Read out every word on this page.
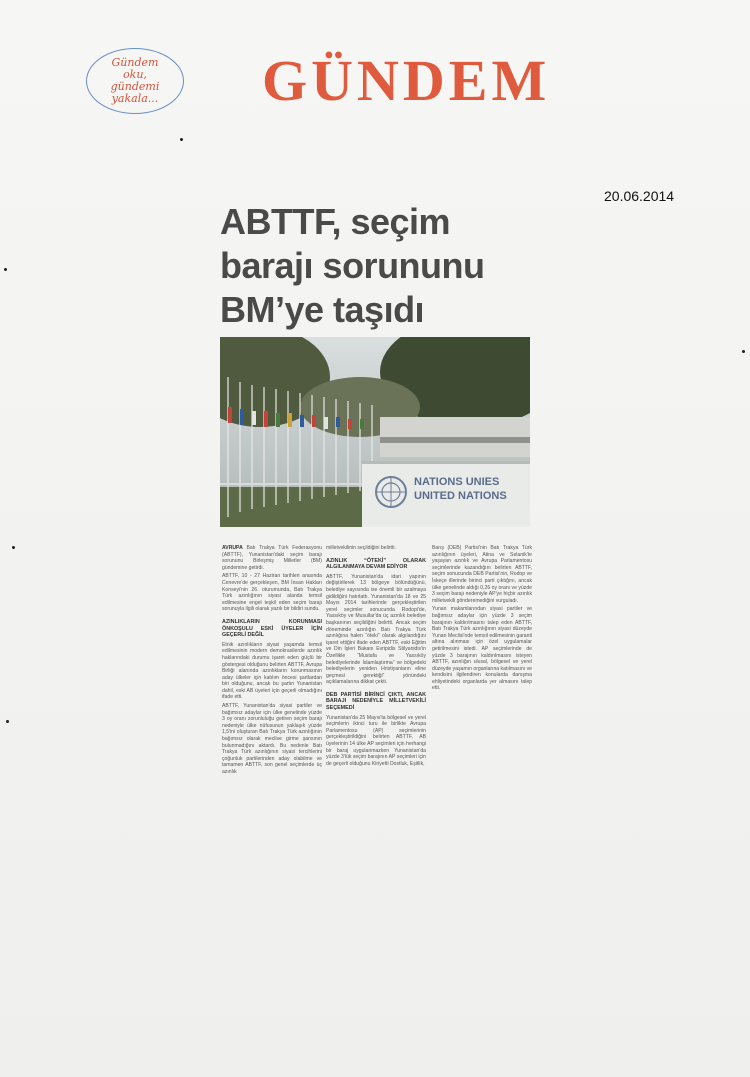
Gündem
oku,
gündemi
yakala... GÜNDEM
20.06.2014
ABTTF, seçim
barajı sorununu
BM’ye taşıdı
NATIONS UNIES
UNITED NATIONS

AVRUPA Batı Trakya Türk Federasyonu (ABTTF), Yunanistan'daki seçim barajı sorununu Birleşmiş Milletler (BM) gündemine getirdi.

ABTTF, 10 - 27 Haziran tarihleri arasında Cenevre'de gerçekleşen, BM İnsan Hakları Konseyi'nin 26. oturumunda, Batı Trakya Türk azınlığının siyasi alanda temsil edilmesine engel teşkil eden seçim barajı sorunuyla ilgili olarak yazılı bir bildiri sundu.

AZINLIKLARIN KORUNMASI ÖNKOŞULU ESKİ ÜYELER İÇİN GEÇERLİ DEĞİL

Etnik azınlıkların siyasi yaşamda temsil edilmesinin modern demokrasilerde azınlık haklarındaki durumu işaret eden güçlü bir göstergesi olduğunu belirten ABTTF, Avrupa Birliği alanında azınlıkların korunmasının aday ülkeler için katılım öncesi şartlardan biri olduğunu, ancak bu şartın Yunanistan dahil, eski AB üyeleri için geçerli olmadığını ifade etti.

ABTTF, Yunanistan'da siyasi partiler ve bağımsız adaylar için ülke genelinde yüzde 3 oy oranı zorunluluğu getiren seçim barajı nedeniyle ülke nüfusunun yaklaşık yüzde 1,5'ini oluşturan Batı Trakya Türk azınlığının bağımsız olarak meclise girme şansının bulunmadığını aktardı. Bu nedenle Batı Trakya Türk azınlığının siyasi tercihlerini çoğunluk partilerinden aday olabilme ve tamamen ABTTF, son genel seçimlerde üç azınlık

milletvekilinin seçildiğini belirtti.

AZINLIK “ÖTEKİ” OLARAK ALGILANMAYA DEVAM EDİYOR

ABTTF, Yunanistan'da idari yapının değiştirilerek 13 bölgeye bölündüğünü, belediye sayısında ise önemli bir azalmaya gidildiğini hatırlattı. Yunanistan'da 18 ve 25 Mayıs 2014 tarihlerinde gerçekleştirilen yerel seçimler sonucunda Rodopi'de, Yassıköy ve Musullar'da üç azınlık belediye başkanının seçildiğini belirtti. Ancak seçim döneminde azınlığın Batı Trakya Türk azınlığına halen “öteki” olarak algılandığını işaret ettiğini ifade eden ABTTF, eski Eğitim ve Din İşleri Bakanı Evripidis Stilyanidis'in Özellikle “Mustafa ve Yassıköy belediyelerinde İslamlaştırma” ve bölgedeki belediyelerin yeniden Hristiyanların eline geçmesi gerektiği” yönündeki açıklamalarına dikkat çekti.

DEB PARTİSİ BİRİNCİ ÇIKTI, ANCAK BARAJI NEDENİYLE MİLLETVEKİLİ SEÇEMEDİ

Yunanistan'da 25 Mayıs'ta bölgesel ve yerel seçimlerin ikinci turu ile birlikte Avrupa Parlamentosu (AP) seçimlerinin gerçekleştirildiğini belirten ABTTF, AB üyelerinin 14 ülke AP seçimleri için herhangi bir baraj uygulanmazken Yunanistan'da yüzde 3'lük seçim barajının AP seçimleri için de geçerli olduğunu Kiriyetti Dostluk, Eşitlik,

Barış (DEB) Partisi'nin Batı Trakya Türk azınlığının üyeleri, Atina ve Selanik'te yaşayan azınlık ve Avrupa Parlamentosu seçimlerinde kazandığını belirten ABTTF, seçim sonucunda DEB Partisi'nin, Rodop ve İskeçe illerinde birinci parti çıktığını, ancak ülke genelinde aldığı 0,26 oy oranı ve yüzde 3 seçim barajı nedeniyle AP'ye hiçbir azınlık milletvekili gönderemediğini vurguladı.

Yunan makamlarından siyasi partiler ve bağımsız adaylar için yüzde 3 seçim barajının kaldırılmasını talep eden ABTTF, Batı Trakya Türk azınlığının siyasi düzeyde Yunan Meclisi'nde temsil edilmesinin garanti altına alınması için özel uygulamalar getirilmesini istedi. AP seçimlerinde de yüzde 3 barajının kaldırılmasını isteyen ABTTF, azınlığın ulusal, bölgesel ve yerel düzeyde yaşamın organlarına katılmasını ve kendisini ilgilendiren konularda danışma ehliyetindeki organlarda yer almasını talep etti.
